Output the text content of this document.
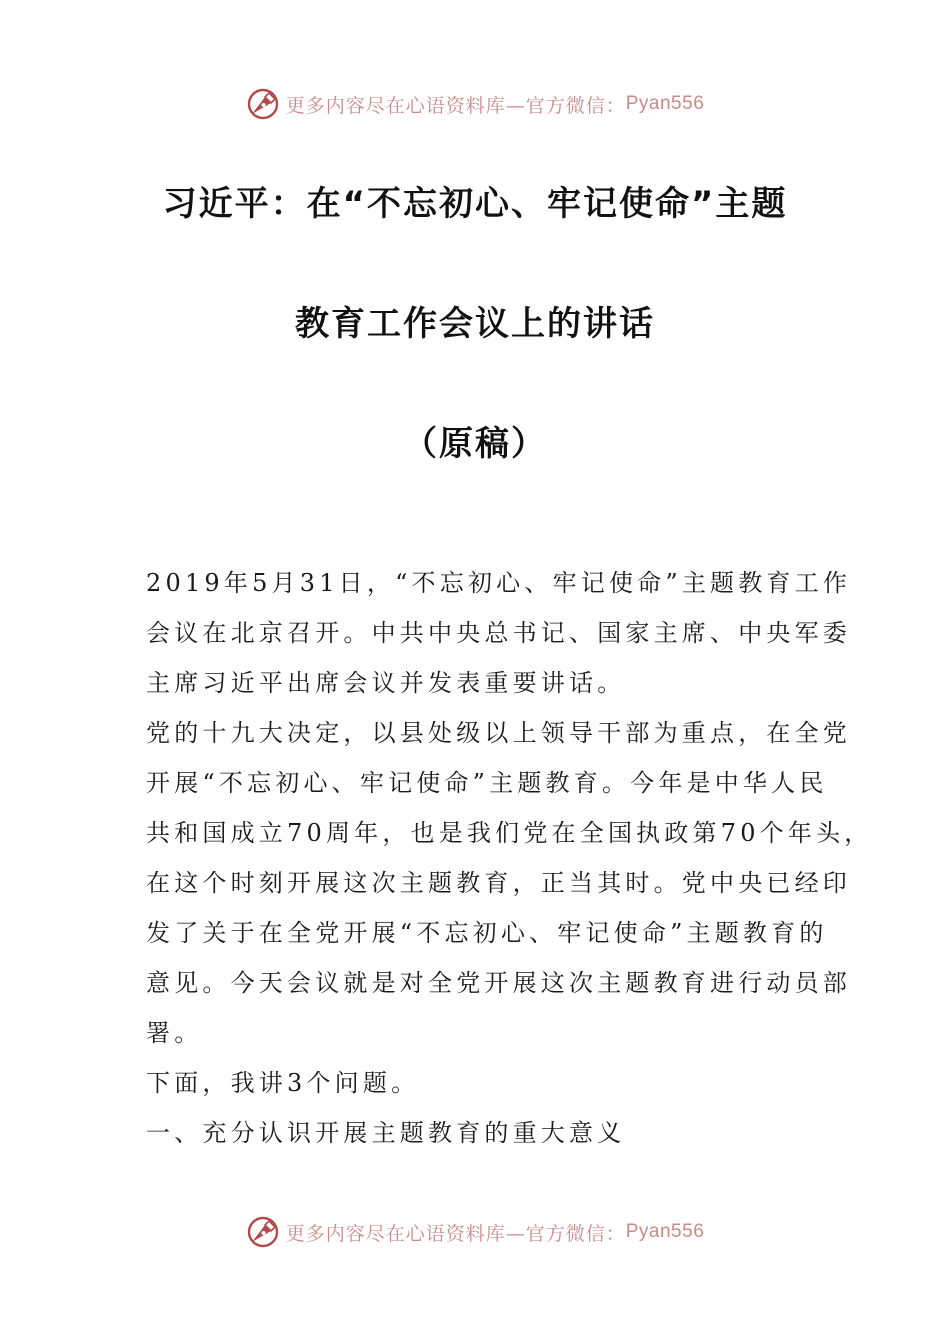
更多内容尽在心语资料库—官方微信： Pyan556
习近平：在“不忘初心、牢记使命”主题
教育工作会议上的讲话
（原稿）
2019年5月31日，“不忘初心、牢记使命”主题教育工作
会议在北京召开。中共中央总书记、国家主席、中央军委
主席习近平出席会议并发表重要讲话。
党的十九大决定，以县处级以上领导干部为重点，在全党
开展“不忘初心、牢记使命”主题教育。今年是中华人民
共和国成立70周年，也是我们党在全国执政第70个年头，
在这个时刻开展这次主题教育，正当其时。党中央已经印
发了关于在全党开展“不忘初心、牢记使命”主题教育的
意见。今天会议就是对全党开展这次主题教育进行动员部
署。
下面，我讲3个问题。
一、充分认识开展主题教育的重大意义
更多内容尽在心语资料库—官方微信： Pyan556
